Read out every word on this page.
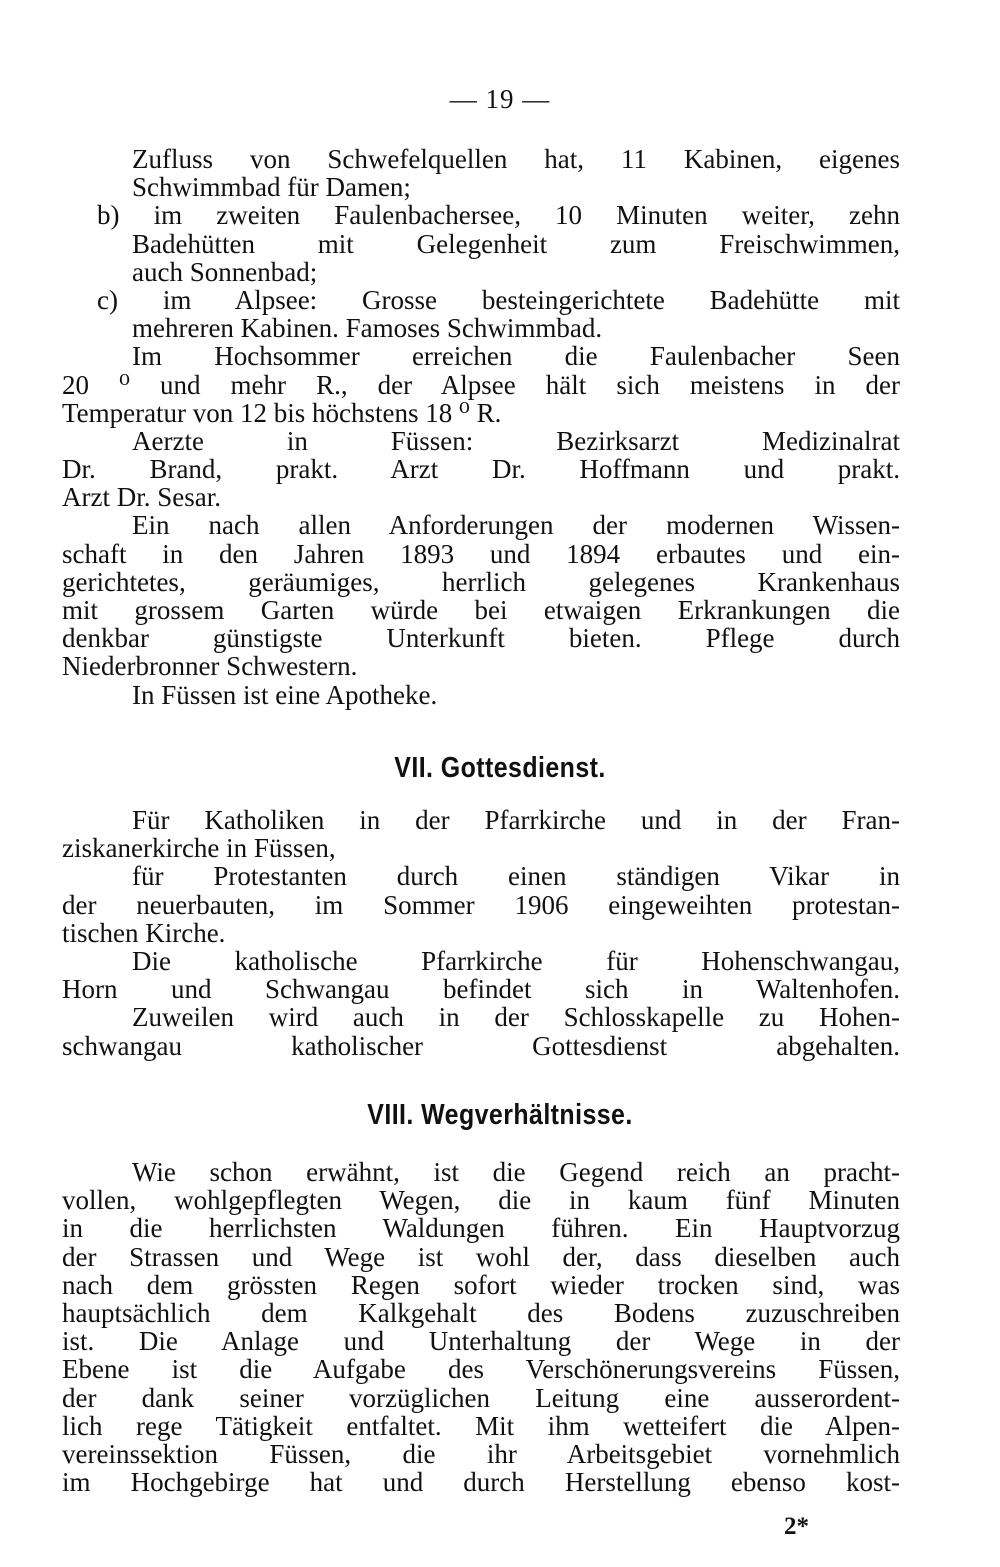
— 19 —
Zufluss von Schwefelquellen hat, 11 Kabinen, eigenes
Schwimmbad für Damen;
b) im zweiten Faulenbachersee, 10 Minuten weiter, zehn
Badehütten mit Gelegenheit zum Freischwimmen,
auch Sonnenbad;
c) im Alpsee: Grosse besteingerichtete Badehütte mit
mehreren Kabinen. Famoses Schwimmbad.
Im Hochsommer erreichen die Faulenbacher Seen
20 ⁰ und mehr R., der Alpsee hält sich meistens in der
Temperatur von 12 bis höchstens 18 ⁰ R.
Aerzte in Füssen: Bezirksarzt Medizinalrat
Dr. Brand, prakt. Arzt Dr. Hoffmann und prakt.
Arzt Dr. Sesar.
Ein nach allen Anforderungen der modernen Wissen-
schaft in den Jahren 1893 und 1894 erbautes und ein-
gerichtetes, geräumiges, herrlich gelegenes Krankenhaus
mit grossem Garten würde bei etwaigen Erkrankungen die
denkbar günstigste Unterkunft bieten. Pflege durch
Niederbronner Schwestern.
In Füssen ist eine Apotheke.
VII. Gottesdienst.
Für Katholiken in der Pfarrkirche und in der Fran-
ziskanerkirche in Füssen,
für Protestanten durch einen ständigen Vikar in
der neuerbauten, im Sommer 1906 eingeweihten protestan-
tischen Kirche.
Die katholische Pfarrkirche für Hohenschwangau,
Horn und Schwangau befindet sich in Waltenhofen.
Zuweilen wird auch in der Schlosskapelle zu Hohen-
schwangau katholischer Gottesdienst abgehalten.
VIII. Wegverhältnisse.
Wie schon erwähnt, ist die Gegend reich an pracht-
vollen, wohlgepflegten Wegen, die in kaum fünf Minuten
in die herrlichsten Waldungen führen. Ein Hauptvorzug
der Strassen und Wege ist wohl der, dass dieselben auch
nach dem grössten Regen sofort wieder trocken sind, was
hauptsächlich dem Kalkgehalt des Bodens zuzuschreiben
ist. Die Anlage und Unterhaltung der Wege in der
Ebene ist die Aufgabe des Verschönerungsvereins Füssen,
der dank seiner vorzüglichen Leitung eine ausserordent-
lich rege Tätigkeit entfaltet. Mit ihm wetteifert die Alpen-
vereinssektion Füssen, die ihr Arbeitsgebiet vornehmlich
im Hochgebirge hat und durch Herstellung ebenso kost-
2*
